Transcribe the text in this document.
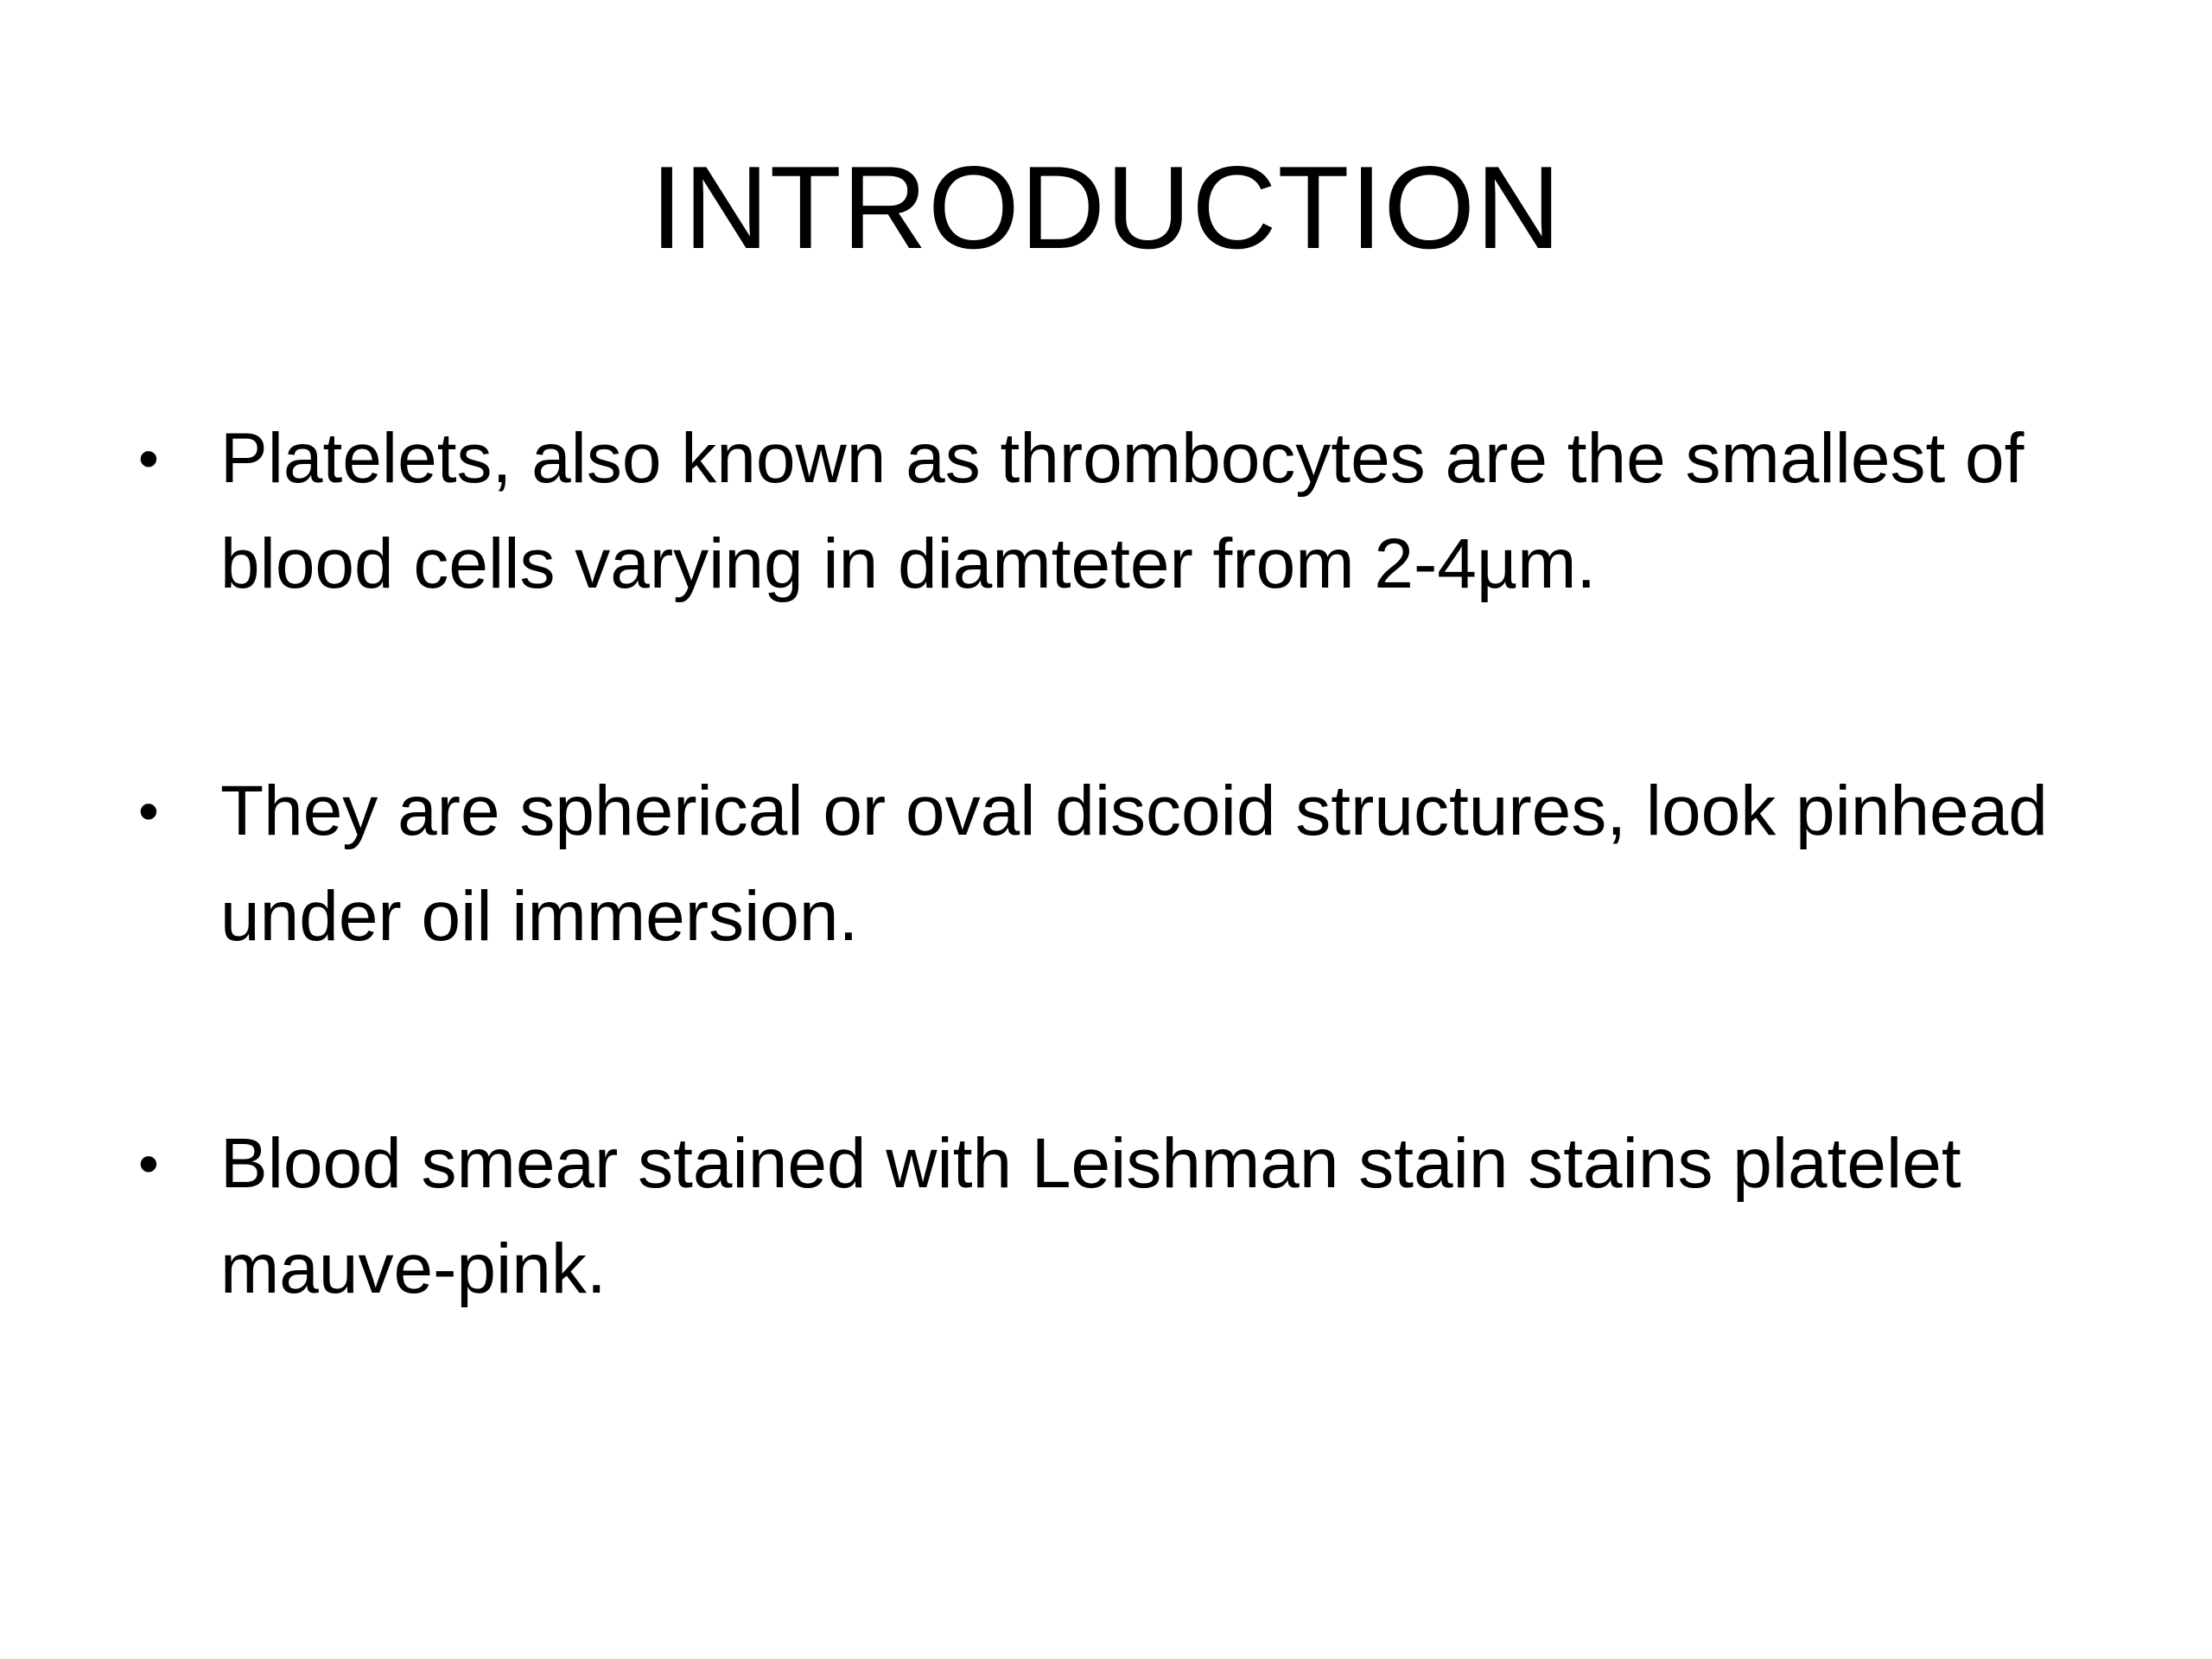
INTRODUCTION
• Platelets, also known as thrombocytes are the smallest of blood cells varying in diamteter from 2-4µm.
• They are spherical or oval discoid structures, look pinhead under oil immersion.
• Blood smear stained with Leishman stain stains platelet mauve-pink.
